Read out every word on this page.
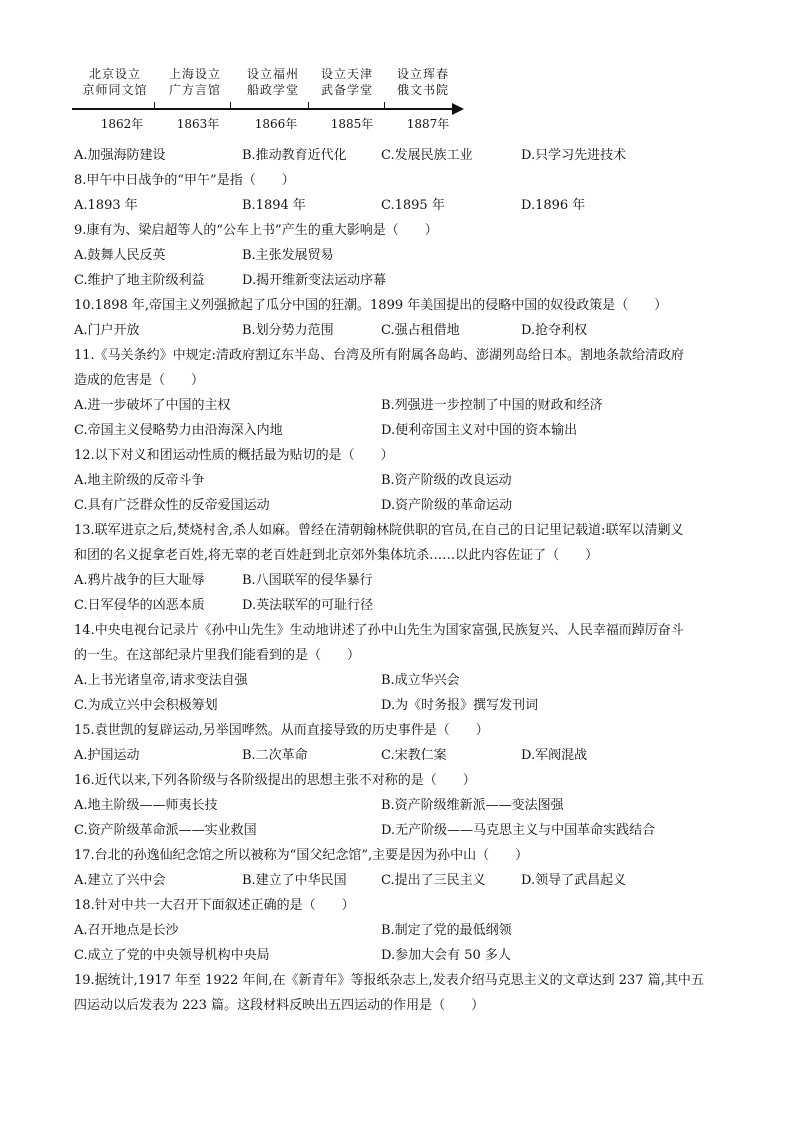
北京设立
京师同文馆
上海设立
广方言馆
设立福州
船政学堂
设立天津
武备学堂
设立珲春
俄文书院
1862年	1863年	1866年	1885年	1887年
A.加强海防建设	B.推动教育近代化	C.发展民族工业	D.只学习先进技术
8.甲午中日战争的“甲午”是指（　　）
A.1893 年	B.1894 年	C.1895 年	D.1896 年
9.康有为、梁启超等人的“公车上书”产生的重大影响是（　　）
A.鼓舞人民反英	B.主张发展贸易
C.维护了地主阶级利益	D.揭开维新变法运动序幕
10.1898 年,帝国主义列强掀起了瓜分中国的狂潮。1899 年美国提出的侵略中国的奴役政策是（　　）
A.门户开放	B.划分势力范围	C.强占租借地	D.抢夺利权
11.《马关条约》中规定:清政府割辽东半岛、台湾及所有附属各岛屿、澎湖列岛给日本。割地条款给清政府
造成的危害是（　　）
A.进一步破坏了中国的主权	B.列强进一步控制了中国的财政和经济
C.帝国主义侵略势力由沿海深入内地	D.便利帝国主义对中国的资本输出
12.以下对义和团运动性质的概括最为贴切的是（　　）
A.地主阶级的反帝斗争	B.资产阶级的改良运动
C.具有广泛群众性的反帝爱国运动	D.资产阶级的革命运动
13.联军进京之后,焚烧村舍,杀人如麻。曾经在清朝翰林院供职的官员,在自己的日记里记载道:联军以清剿义
和团的名义捉拿老百姓,将无辜的老百姓赶到北京郊外集体坑杀……以此内容佐证了（　　）
A.鸦片战争的巨大耻辱	B.八国联军的侵华暴行
C.日军侵华的凶恶本质	D.英法联军的可耻行径
14.中央电视台记录片《孙中山先生》生动地讲述了孙中山先生为国家富强,民族复兴、人民幸福而踔厉奋斗
的一生。在这部纪录片里我们能看到的是（　　）
A.上书光诸皇帝,请求变法自强	B.成立华兴会
C.为成立兴中会积极筹划	D.为《时务报》撰写发刊词
15.袁世凯的复辟运动,另举国哗然。从而直接导致的历史事件是（　　）
A.护国运动	B.二次革命	C.宋教仁案	D.军阀混战
16.近代以来,下列各阶级与各阶级提出的思想主张不对称的是（　　）
A.地主阶级——师夷长技	B.资产阶级维新派——变法图强
C.资产阶级革命派——实业救国	D.无产阶级——马克思主义与中国革命实践结合
17.台北的孙逸仙纪念馆之所以被称为“国父纪念馆”,主要是因为孙中山（　　）
A.建立了兴中会	B.建立了中华民国	C.提出了三民主义	D.领导了武昌起义
18.针对中共一大召开下面叙述正确的是（　　）
A.召开地点是长沙	B.制定了党的最低纲领
C.成立了党的中央领导机构中央局	D.参加大会有 50 多人
19.据统计,1917 年至 1922 年间,在《新青年》等报纸杂志上,发表介绍马克思主义的文章达到 237 篇,其中五
四运动以后发表为 223 篇。这段材料反映出五四运动的作用是（　　）
